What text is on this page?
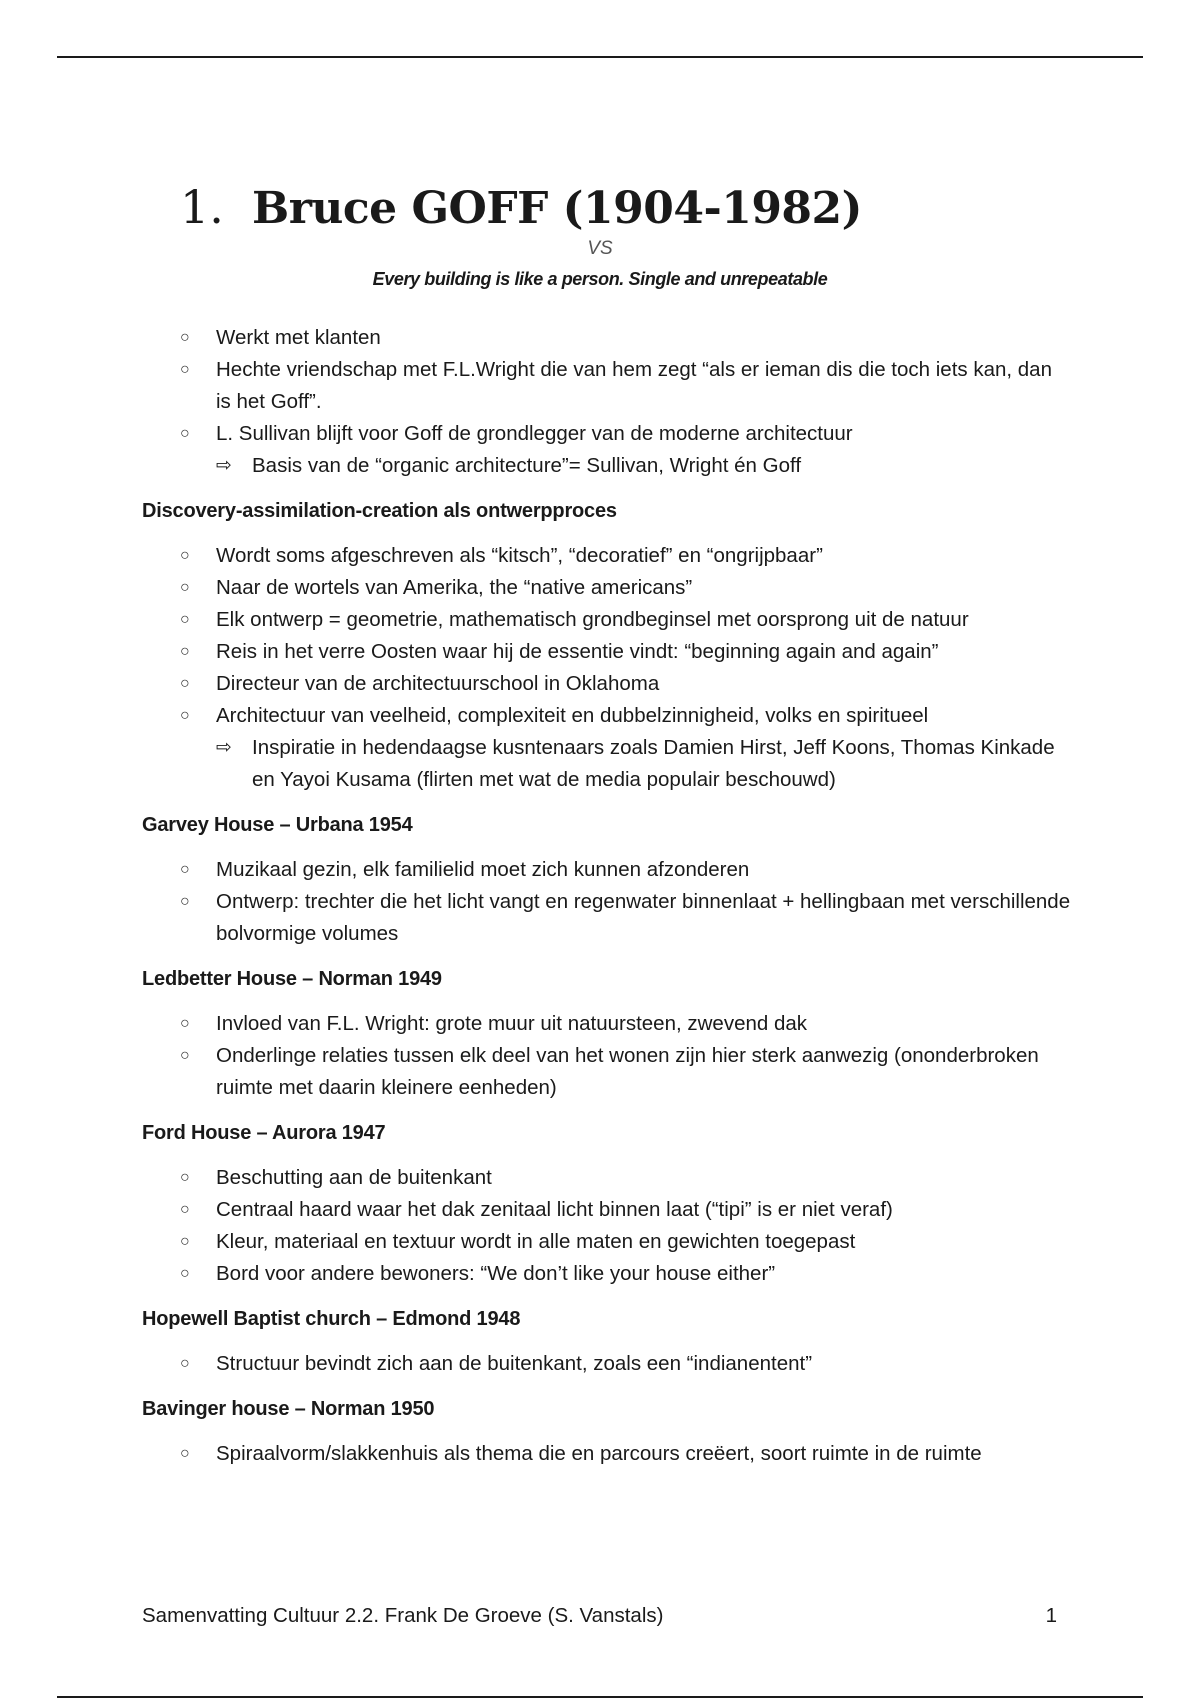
1. Bruce GOFF (1904-1982)
VS
Every building is like a person. Single and unrepeatable
○ Werkt met klanten
○ Hechte vriendschap met F.L.Wright die van hem zegt “als er ieman dis die toch iets kan, dan is het Goff”.
○ L. Sullivan blijft voor Goff de grondlegger van de moderne architectuur
⇨ Basis van de “organic architecture”= Sullivan, Wright én Goff

Discovery-assimilation-creation als ontwerpproces

○ Wordt soms afgeschreven als “kitsch”, “decoratief” en “ongrijpbaar”
○ Naar de wortels van Amerika, the “native americans”
○ Elk ontwerp = geometrie, mathematisch grondbeginsel met oorsprong uit de natuur
○ Reis in het verre Oosten waar hij de essentie vindt: “beginning again and again”
○ Directeur van de architectuurschool in Oklahoma
○ Architectuur van veelheid, complexiteit en dubbelzinnigheid, volks en spiritueel
⇨ Inspiratie in hedendaagse kusntenaars zoals Damien Hirst, Jeff Koons, Thomas Kinkade en Yayoi Kusama (flirten met wat de media populair beschouwd)

Garvey House – Urbana 1954

○ Muzikaal gezin, elk familielid moet zich kunnen afzonderen
○ Ontwerp: trechter die het licht vangt en regenwater binnenlaat + hellingbaan met verschillende bolvormige volumes

Ledbetter House – Norman 1949

○ Invloed van F.L. Wright: grote muur uit natuursteen, zwevend dak
○ Onderlinge relaties tussen elk deel van het wonen zijn hier sterk aanwezig (ononderbroken ruimte met daarin kleinere eenheden)

Ford House – Aurora 1947

○ Beschutting aan de buitenkant
○ Centraal haard waar het dak zenitaal licht binnen laat (“tipi” is er niet veraf)
○ Kleur, materiaal en textuur wordt in alle maten en gewichten toegepast
○ Bord voor andere bewoners: “We don’t like your house either”

Hopewell Baptist church – Edmond 1948

○ Structuur bevindt zich aan de buitenkant, zoals een “indianentent”

Bavinger house – Norman 1950

○ Spiraalvorm/slakkenhuis als thema die en parcours creëert, soort ruimte in de ruimte
Samenvatting Cultuur 2.2. Frank De Groeve (S. Vanstals)	1
